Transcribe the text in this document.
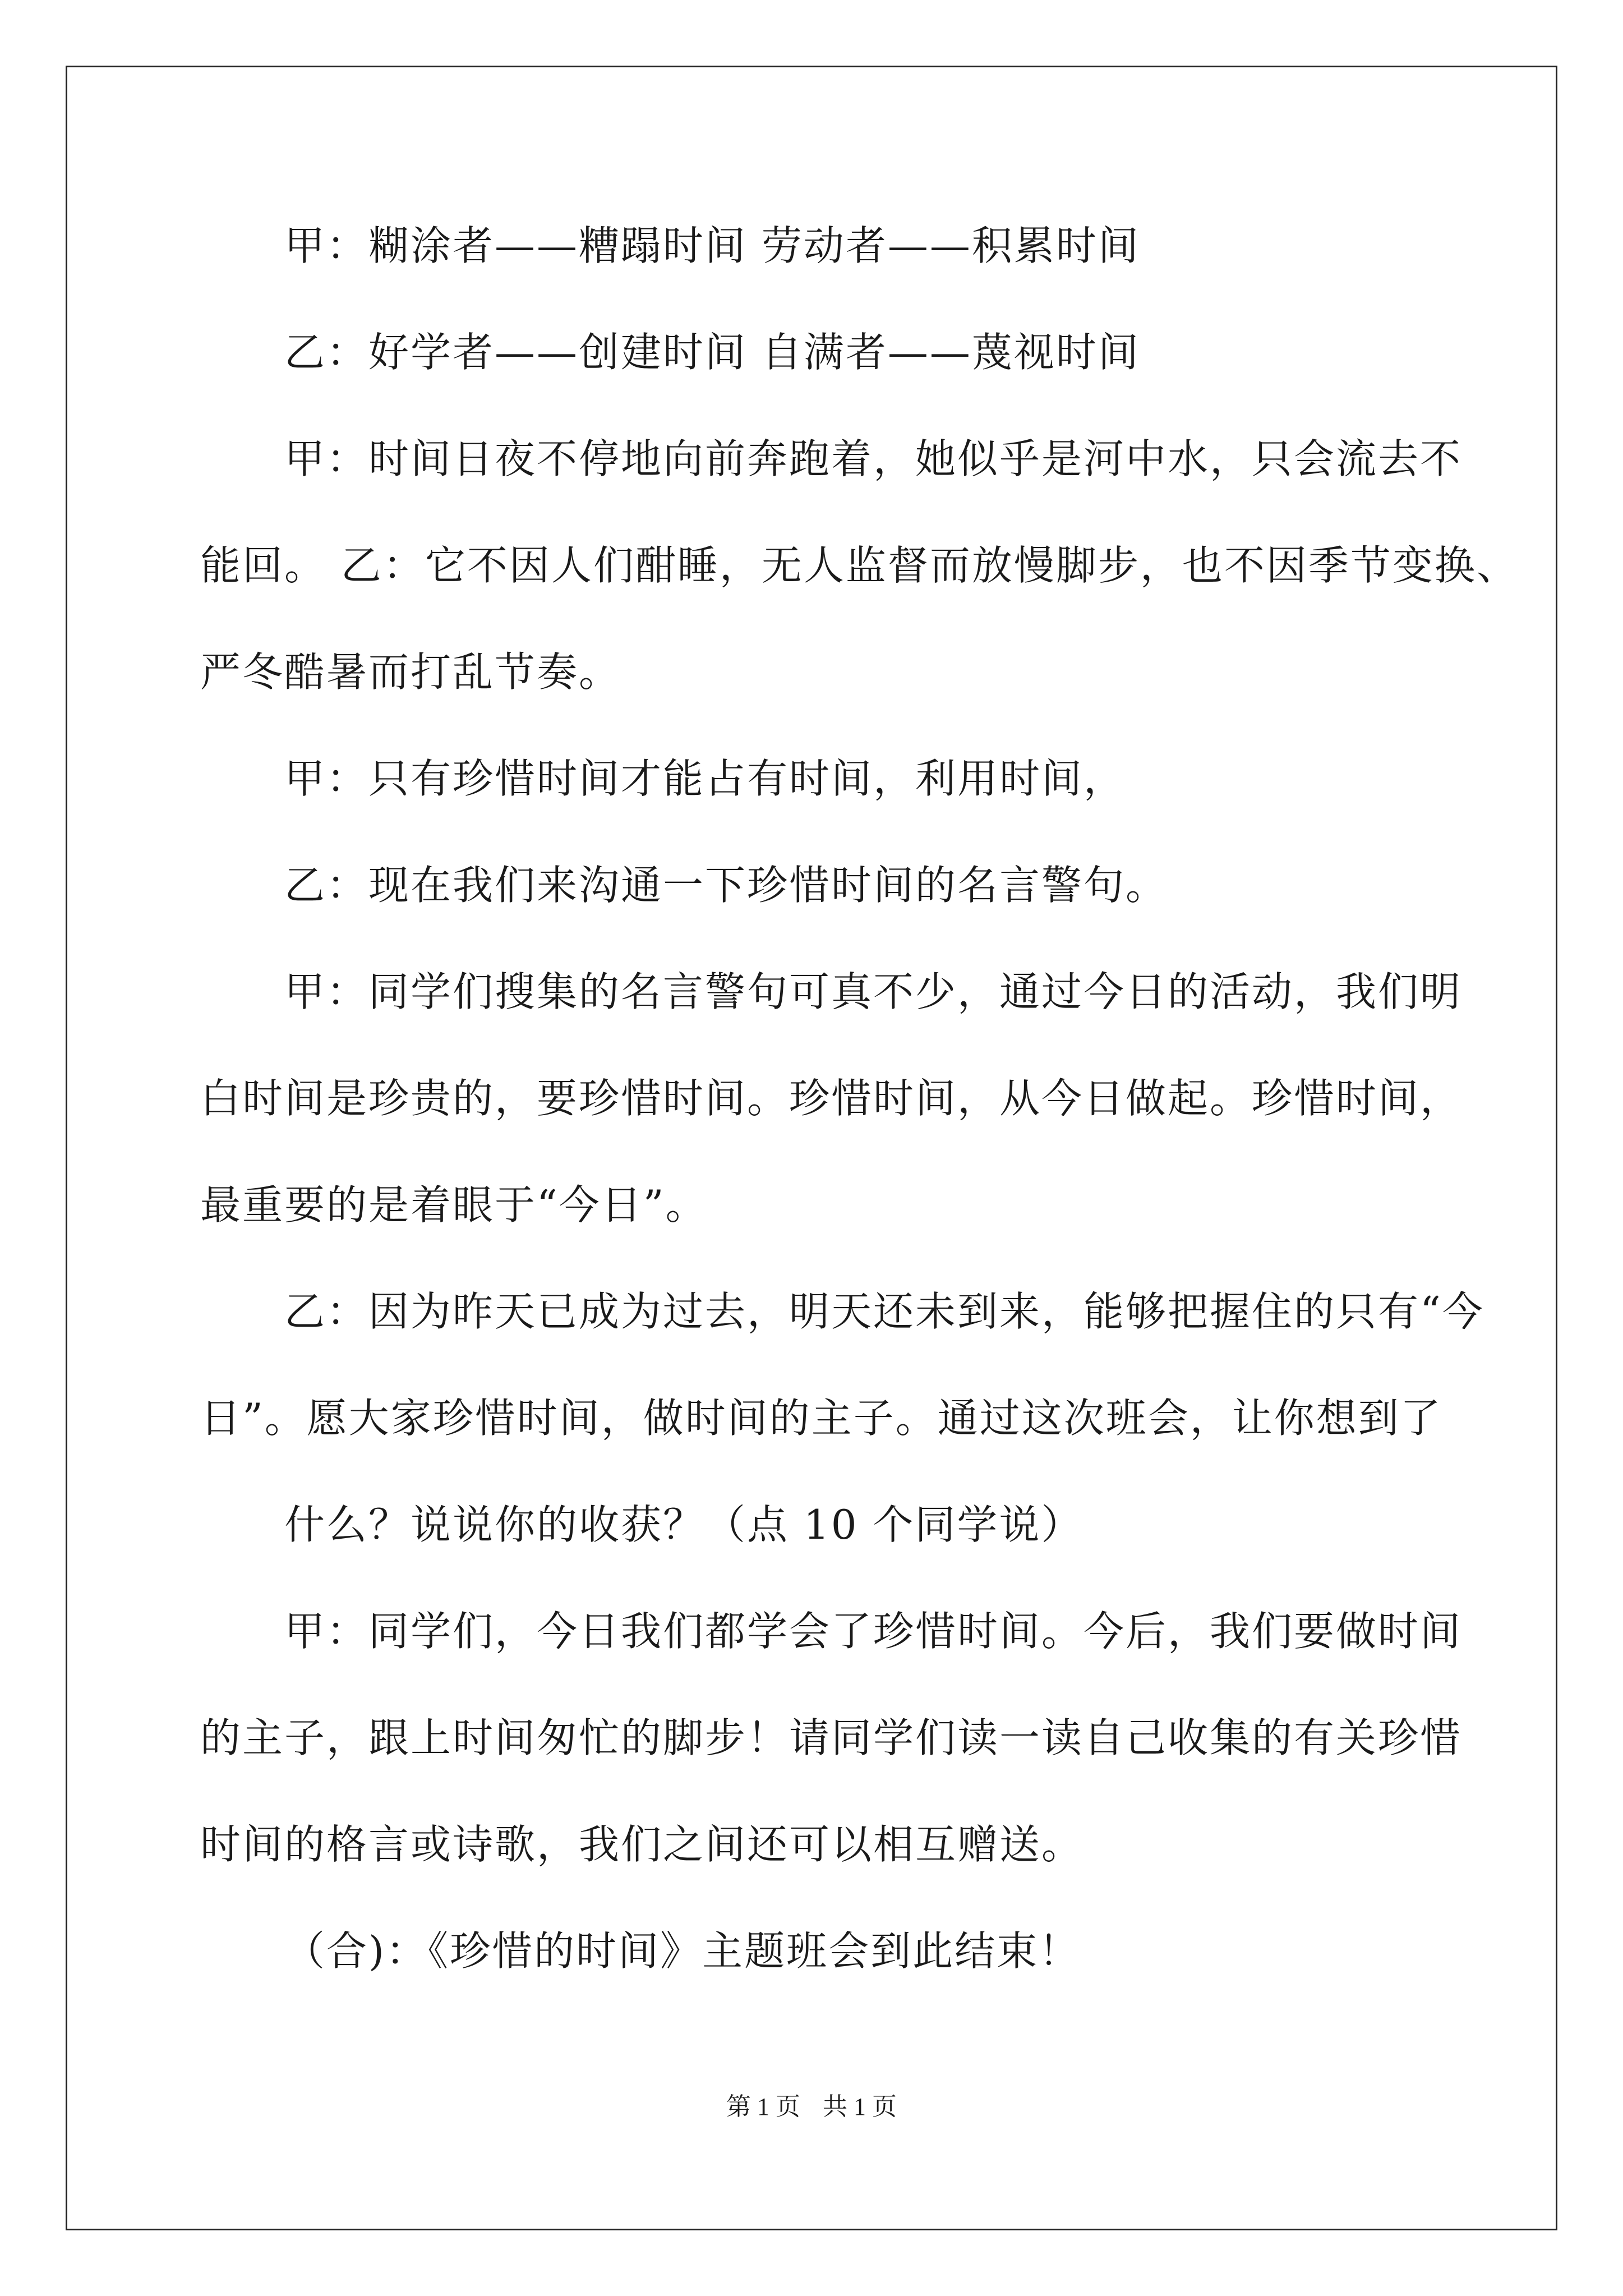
甲：糊涂者——糟蹋时间 劳动者——积累时间
乙：好学者——创建时间 自满者——蔑视时间
甲：时间日夜不停地向前奔跑着，她似乎是河中水，只会流去不
能回。 乙：它不因人们酣睡，无人监督而放慢脚步，也不因季节变换、
严冬酷暑而打乱节奏。
甲：只有珍惜时间才能占有时间，利用时间，
乙：现在我们来沟通一下珍惜时间的名言警句。
甲：同学们搜集的名言警句可真不少，通过今日的活动，我们明
白时间是珍贵的，要珍惜时间。珍惜时间，从今日做起。珍惜时间，
最重要的是着眼于“今日”。
乙：因为昨天已成为过去，明天还未到来，能够把握住的只有“今
日”。愿大家珍惜时间，做时间的主子。通过这次班会，让你想到了
什么？说说你的收获？（点 10 个同学说）
甲：同学们，今日我们都学会了珍惜时间。今后，我们要做时间
的主子，跟上时间匆忙的脚步！请同学们读一读自己收集的有关珍惜
时间的格言或诗歌，我们之间还可以相互赠送。
（合)：《珍惜的时间》主题班会到此结束！
第 1 页 共 1 页
